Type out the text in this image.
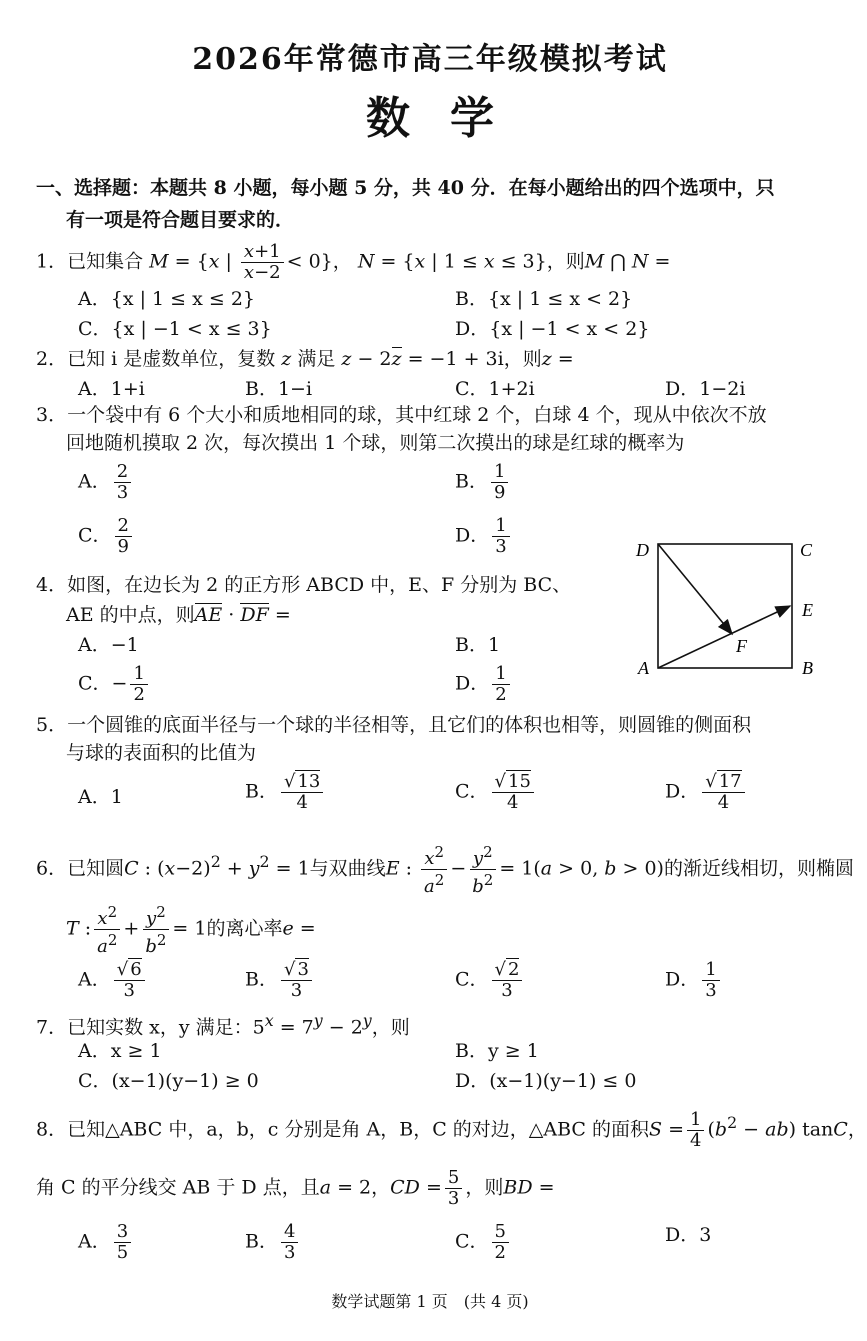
2026年常德市高三年级模拟考试
数学
一、选择题：本题共 8 小题，每小题 5 分，共 40 分．在每小题给出的四个选项中，只
有一项是符合题目要求的．
1．已知集合 M = {x | $\frac{x+1}{x-2} < 0$}， N = {x | 1 ≤ x ≤ 3}，则M ⋂ N =
A．{x | 1 ≤ x ≤ 2}	B．{x | 1 ≤ x < 2}
C．{x | −1 < x ≤ 3}	D．{x | −1 < x < 2}
2．已知 i 是虚数单位，复数 z 满足 z − 2z = −1 + 3i，则z =
A．1+i	B．1−i	C．1+2i	D．1−2i
3．一个袋中有 6 个大小和质地相同的球，其中红球 2 个，白球 4 个，现从中依次不放
回地随机摸取 2 次，每次摸出 1 个球，则第二次摸出的球是红球的概率为
A． $\frac{2}{3}$	B． $\frac{1}{9}$
C． $\frac{2}{9}$	D． $\frac{1}{3}$
4．如图，在边长为 2 的正方形 ABCD 中，E、F 分别为 BC、
AE 的中点，则AE · DF =
A．−1	B．1
C．− $\frac{1}{2}$	D． $\frac{1}{2}$
D	C
E
F
A	B
5．一个圆锥的底面半径与一个球的半径相等，且它们的体积也相等，则圆锥的侧面积
与球的表面积的比值为
A．1	B． $\frac{√ 13}{4}$	C． $\frac{√ 15}{4}$	D． $\frac{√ 17}{4}$
6．已知圆C : $(x-2)^2 + y^2 = 1$与双曲线E : $\frac{x^2}{a^2} - \frac{y^2}{b^2} = 1(a > 0$, b > 0)的渐近线相切，则椭圆
T : $\frac{x^2}{a^2} + \frac{y^2}{b^2} = 1$的离心率e =
A． $\frac{√ 6}{3}$	B． $\frac{√ 3}{3}$	C． $\frac{√ 2}{3}$	D． $\frac{1}{3}$
7．已知实数 x，y 满足：$5^x = 7^y - 2^y$，则
A．x ≥ 1	B．y ≥ 1
C．(x−1)(y−1) ≥ 0	D．(x−1)(y−1) ≤ 0
8．已知△ABC 中，a，b，c 分别是角 A，B，C 的对边，△ABC 的面积$S = \frac{1}{4} (b^2 - ab)$ tanC，
角 C 的平分线交 AB 于 D 点，且a = 2，CD = $\frac{5}{3}$ ，则BD =
A． $\frac{3}{5}$	B． $\frac{4}{3}$	C． $\frac{5}{2}$	D．3
数学试题第 1 页　(共 4 页)
